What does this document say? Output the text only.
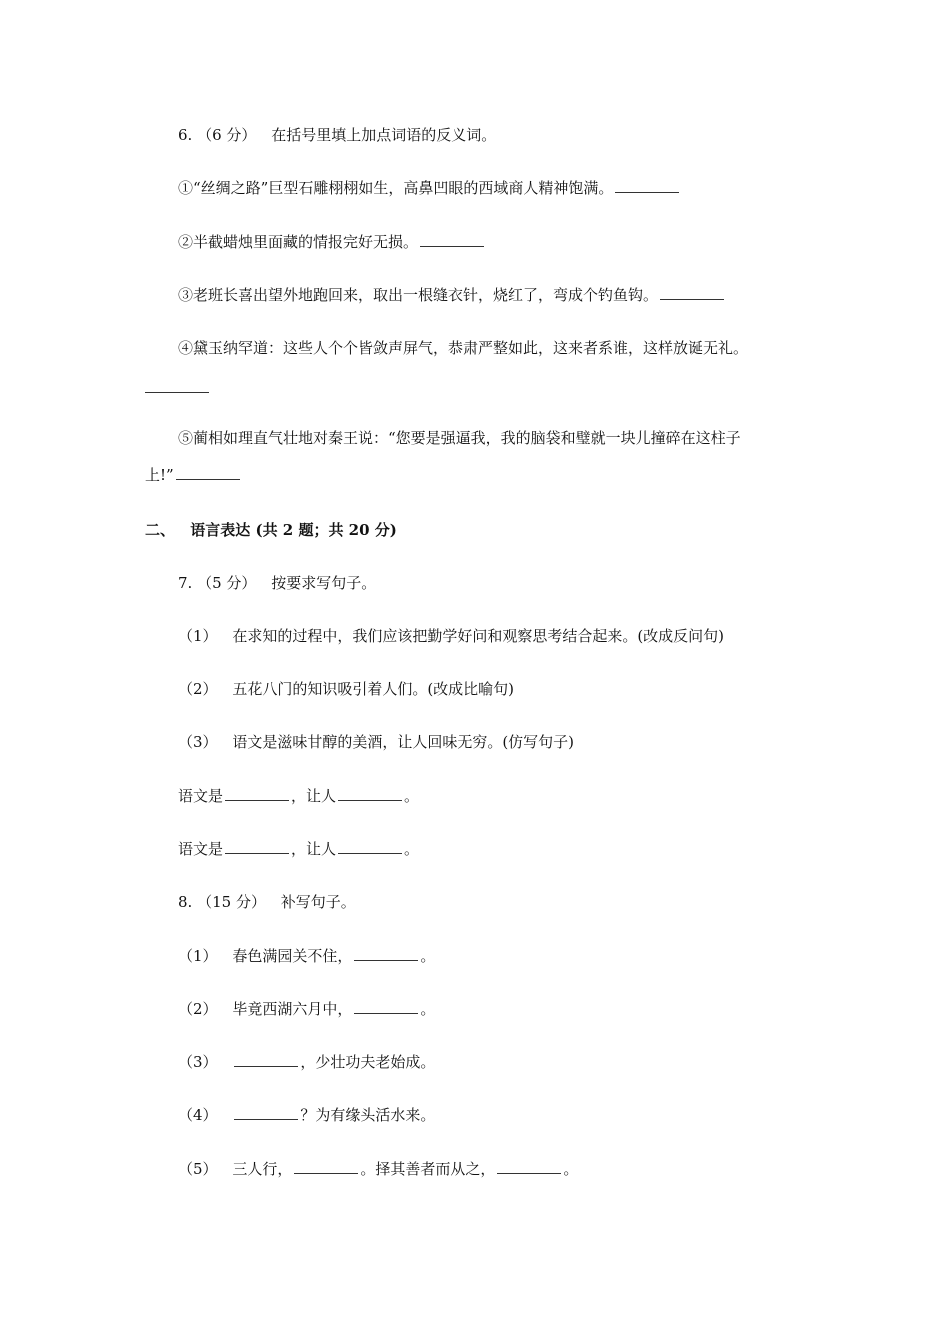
6. （6 分） 在括号里填上加点词语的反义词。
①“丝绸之路”巨型石雕栩栩如生，高鼻凹眼的西域商人精神饱满。
②半截蜡烛里面藏的情报完好无损。
③老班长喜出望外地跑回来，取出一根缝衣针，烧红了，弯成个钓鱼钩。
④黛玉纳罕道：这些人个个皆敛声屏气，恭肃严整如此，这来者系谁，这样放诞无礼。
⑤蔺相如理直气壮地对秦王说：“您要是强逼我，我的脑袋和璧就一块儿撞碎在这柱子
上!”
二、 语言表达 (共 2 题；共 20 分)
7. （5 分） 按要求写句子。
（1） 在求知的过程中，我们应该把勤学好问和观察思考结合起来。(改成反问句)
（2） 五花八门的知识吸引着人们。(改成比喻句)
（3） 语文是滋味甘醇的美酒，让人回味无穷。(仿写句子)
语文是	，让人	。
语文是	，让人	。
8. （15 分） 补写句子。
（1） 春色满园关不住，	。
（2） 毕竟西湖六月中，	。
（3）	，少壮功夫老始成。
（4）	？为有缘头活水来。
（5） 三人行，	。择其善者而从之，	。
